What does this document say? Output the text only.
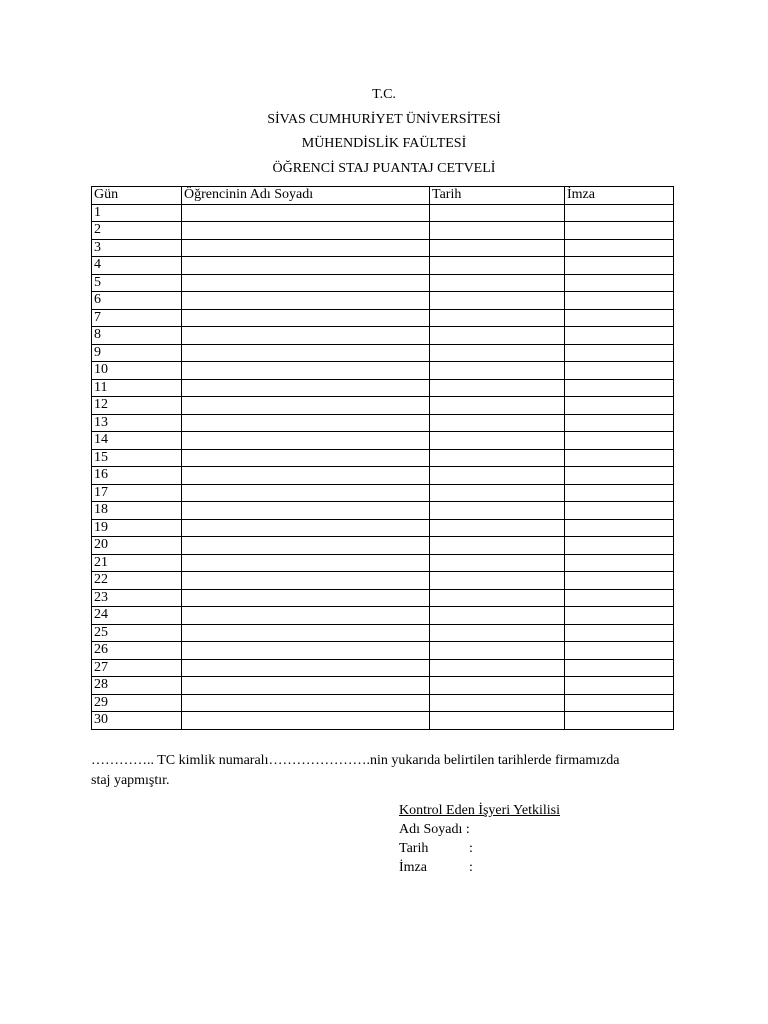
T.C.
SİVAS CUMHURİYET ÜNİVERSİTESİ
MÜHENDİSLİK FAÜLTESİ
ÖĞRENCİ STAJ PUANTAJ CETVELİ
Gün	Öğrencinin Adı Soyadı	Tarih	İmza
1			
2			
3			
4			
5			
6			
7			
8			
9			
10			
11			
12			
13			
14			
15			
16			
17			
18			
19			
20			
21			
22			
23			
24			
25			
26			
27			
28			
29			
30			
………….. TC kimlik numaralı………………….nin yukarıda belirtilen tarihlerde firmamızda
staj yapmıştır.
Kontrol Eden İşyeri Yetkilisi
Adı Soyadı :
Tarih	:
İmza	:
